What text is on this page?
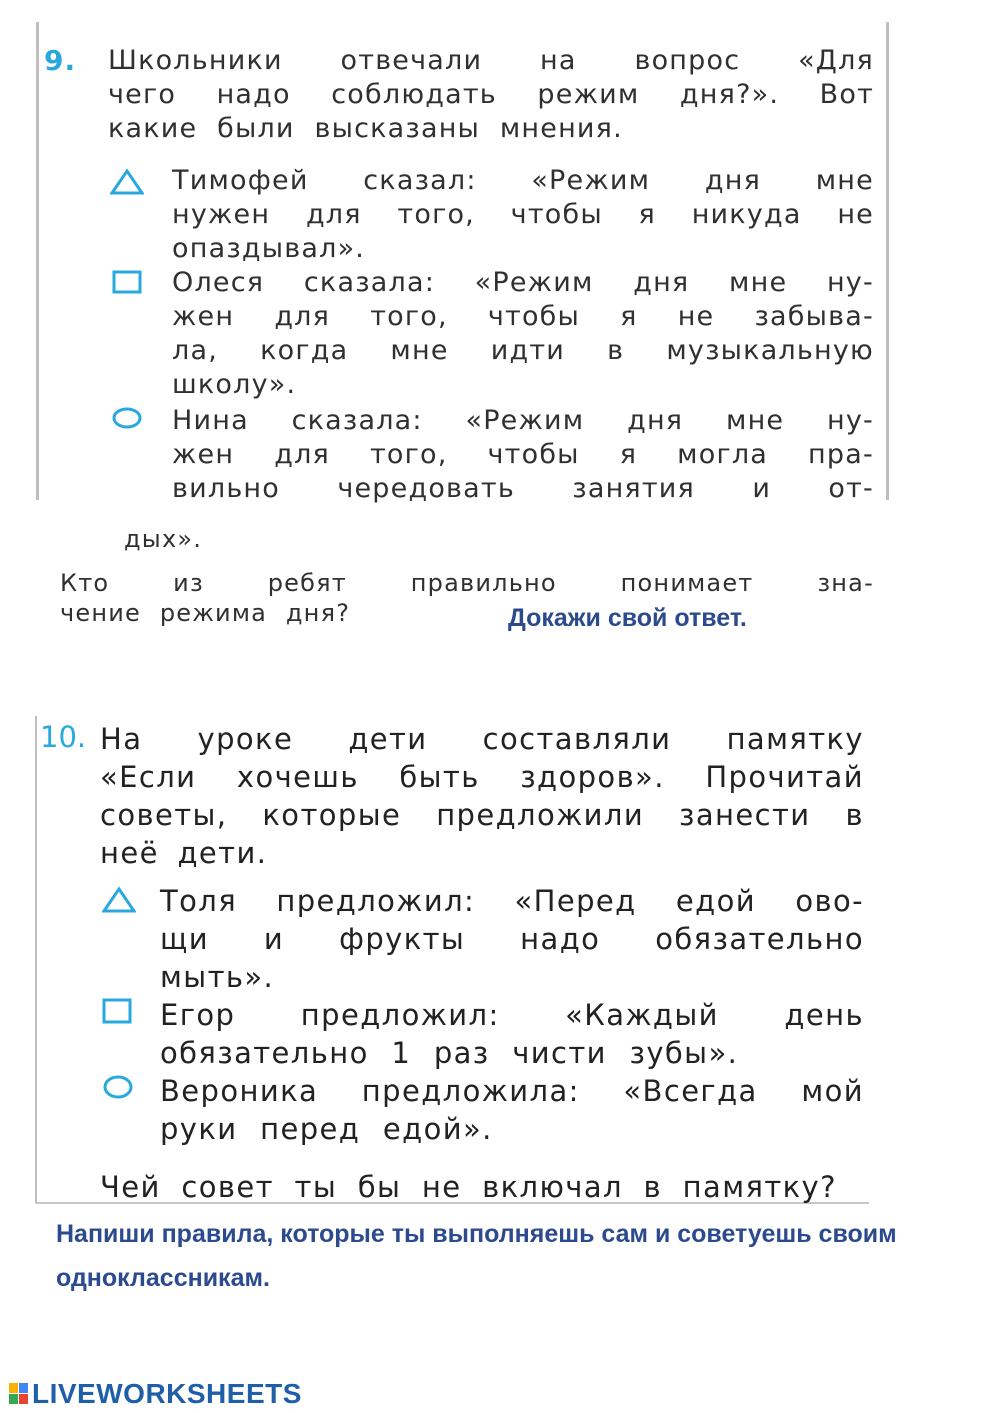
9. Школьники отвечали на вопрос «Для
чего надо соблюдать режим дня?». Вот
какие были высказаны мнения.
Тимофей сказал: «Режим дня мне
нужен для того, чтобы я никуда не
опаздывал».
Олеся сказала: «Режим дня мне ну-
жен для того, чтобы я не забыва-
ла, когда мне идти в музыкальную
школу».
Нина сказала: «Режим дня мне ну-
жен для того, чтобы я могла пра-
вильно чередовать занятия и от-
дых».
Кто	из	ребят	правильно	понимает	зна-
чение режима дня?	Докажи свой ответ.
10. На уроке дети составляли памятку
«Если хочешь быть здоров». Прочитай
советы, которые предложили занести в
неё дети.
Толя предложил: «Перед едой ово-
щи и фрукты надо обязательно
мыть».
Егор предложил: «Каждый день
обязательно 1 раз чисти зубы».
Вероника предложила: «Всегда мой
руки перед едой».
Чей совет ты бы не включал в памятку?
Напиши правила, которые ты выполняешь сам и советуешь своим
одноклассникам.
LIVEWORKSHEETS
